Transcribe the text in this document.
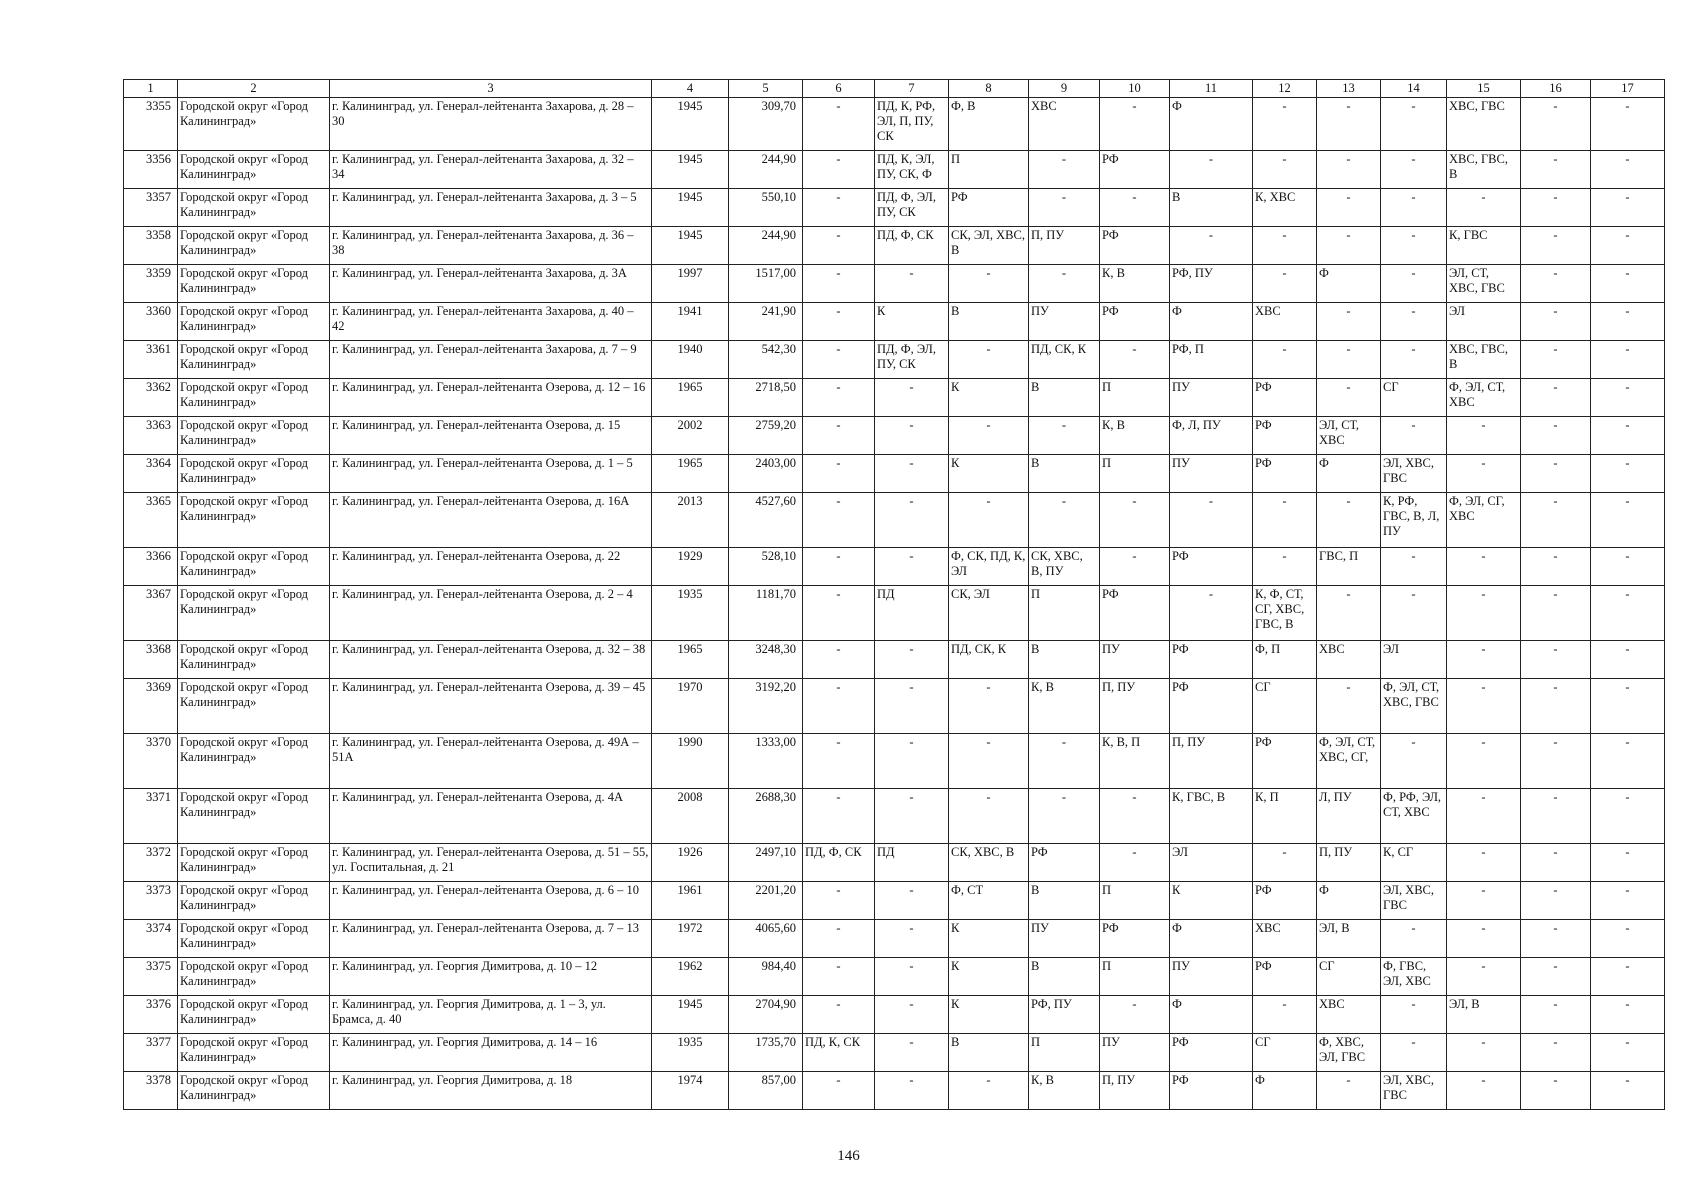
1	2	3	4	5	6	7	8	9	10	11	12	13	14	15	16	17
3355	Городской округ «Город Калининград»	г. Калининград, ул. Генерал-лейтенанта Захарова, д. 28 – 30	1945	309,70	-	ПД, К, РФ, ЭЛ, П, ПУ, СК	Ф, В	ХВС	-	Ф	-	-	-	ХВС, ГВС	-	-
3356	Городской округ «Город Калининград»	г. Калининград, ул. Генерал-лейтенанта Захарова, д. 32 – 34	1945	244,90	-	ПД, К, ЭЛ, ПУ, СК, Ф	П	-	РФ	-	-	-	-	ХВС, ГВС, В	-	-
3357	Городской округ «Город Калининград»	г. Калининград, ул. Генерал-лейтенанта Захарова, д. 3 – 5	1945	550,10	-	ПД, Ф, ЭЛ, ПУ, СК	РФ	-	-	В	К, ХВС	-	-	-	-	-
3358	Городской округ «Город Калининград»	г. Калининград, ул. Генерал-лейтенанта Захарова, д. 36 – 38	1945	244,90	-	ПД, Ф, СК	СК, ЭЛ, ХВС, В	П, ПУ	РФ	-	-	-	-	К, ГВС	-	-
3359	Городской округ «Город Калининград»	г. Калининград, ул. Генерал-лейтенанта Захарова, д. 3А	1997	1517,00	-	-	-	-	К, В	РФ, ПУ	-	Ф	-	ЭЛ, СТ, ХВС, ГВС	-	-
3360	Городской округ «Город Калининград»	г. Калининград, ул. Генерал-лейтенанта Захарова, д. 40 – 42	1941	241,90	-	К	В	ПУ	РФ	Ф	ХВС	-	-	ЭЛ	-	-
3361	Городской округ «Город Калининград»	г. Калининград, ул. Генерал-лейтенанта Захарова, д. 7 – 9	1940	542,30	-	ПД, Ф, ЭЛ, ПУ, СК	-	ПД, СК, К	-	РФ, П	-	-	-	ХВС, ГВС, В	-	-
3362	Городской округ «Город Калининград»	г. Калининград, ул. Генерал-лейтенанта Озерова, д. 12 – 16	1965	2718,50	-	-	К	В	П	ПУ	РФ	-	СГ	Ф, ЭЛ, СТ, ХВС	-	-
3363	Городской округ «Город Калининград»	г. Калининград, ул. Генерал-лейтенанта Озерова, д. 15	2002	2759,20	-	-	-	-	К, В	Ф, Л, ПУ	РФ	ЭЛ, СТ, ХВС	-	-	-	-
3364	Городской округ «Город Калининград»	г. Калининград, ул. Генерал-лейтенанта Озерова, д. 1 – 5	1965	2403,00	-	-	К	В	П	ПУ	РФ	Ф	ЭЛ, ХВС, ГВС	-	-	-
3365	Городской округ «Город Калининград»	г. Калининград, ул. Генерал-лейтенанта Озерова, д. 16А	2013	4527,60	-	-	-	-	-	-	-	-	К, РФ, ГВС, В, Л, ПУ	Ф, ЭЛ, СГ, ХВС	-	-
3366	Городской округ «Город Калининград»	г. Калининград, ул. Генерал-лейтенанта Озерова, д. 22	1929	528,10	-	-	Ф, СК, ПД, К, ЭЛ	СК, ХВС, В, ПУ	-	РФ	-	ГВС, П	-	-	-	-
3367	Городской округ «Город Калининград»	г. Калининград, ул. Генерал-лейтенанта Озерова, д. 2 – 4	1935	1181,70	-	ПД	СК, ЭЛ	П	РФ	-	К, Ф, СТ, СГ, ХВС, ГВС, В	-	-	-	-	-
3368	Городской округ «Город Калининград»	г. Калининград, ул. Генерал-лейтенанта Озерова, д. 32 – 38	1965	3248,30	-	-	ПД, СК, К	В	ПУ	РФ	Ф, П	ХВС	ЭЛ	-	-	-
3369	Городской округ «Город Калининград»	г. Калининград, ул. Генерал-лейтенанта Озерова, д. 39 – 45	1970	3192,20	-	-	-	К, В	П, ПУ	РФ	СГ	-	Ф, ЭЛ, СТ, ХВС, ГВС	-	-	-
3370	Городской округ «Город Калининград»	г. Калининград, ул. Генерал-лейтенанта Озерова, д. 49А – 51А	1990	1333,00	-	-	-	-	К, В, П	П, ПУ	РФ	Ф, ЭЛ, СТ, ХВС, СГ,	-	-	-	-
3371	Городской округ «Город Калининград»	г. Калининград, ул. Генерал-лейтенанта Озерова, д. 4А	2008	2688,30	-	-	-	-	-	К, ГВС, В	К, П	Л, ПУ	Ф, РФ, ЭЛ, СТ, ХВС	-	-	-
3372	Городской округ «Город Калининград»	г. Калининград, ул. Генерал-лейтенанта Озерова, д. 51 – 55, ул. Госпитальная, д. 21	1926	2497,10	ПД, Ф, СК	ПД	СК, ХВС, В	РФ	-	ЭЛ	-	П, ПУ	К, СГ	-	-	-
3373	Городской округ «Город Калининград»	г. Калининград, ул. Генерал-лейтенанта Озерова, д. 6 – 10	1961	2201,20	-	-	Ф, СТ	В	П	К	РФ	Ф	ЭЛ, ХВС, ГВС	-	-	-
3374	Городской округ «Город Калининград»	г. Калининград, ул. Генерал-лейтенанта Озерова, д. 7 – 13	1972	4065,60	-	-	К	ПУ	РФ	Ф	ХВС	ЭЛ, В	-	-	-	-
3375	Городской округ «Город Калининград»	г. Калининград, ул. Георгия Димитрова, д. 10 – 12	1962	984,40	-	-	К	В	П	ПУ	РФ	СГ	Ф, ГВС, ЭЛ, ХВС	-	-	-
3376	Городской округ «Город Калининград»	г. Калининград, ул. Георгия Димитрова, д. 1 – 3, ул. Брамса, д. 40	1945	2704,90	-	-	К	РФ, ПУ	-	Ф	-	ХВС	-	ЭЛ, В	-	-
3377	Городской округ «Город Калининград»	г. Калининград, ул. Георгия Димитрова, д. 14 – 16	1935	1735,70	ПД, К, СК	-	В	П	ПУ	РФ	СГ	Ф, ХВС, ЭЛ, ГВС	-	-	-	-
3378	Городской округ «Город Калининград»	г. Калининград, ул. Георгия Димитрова, д. 18	1974	857,00	-	-	-	К, В	П, ПУ	РФ	Ф	-	ЭЛ, ХВС, ГВС	-	-	-
146
